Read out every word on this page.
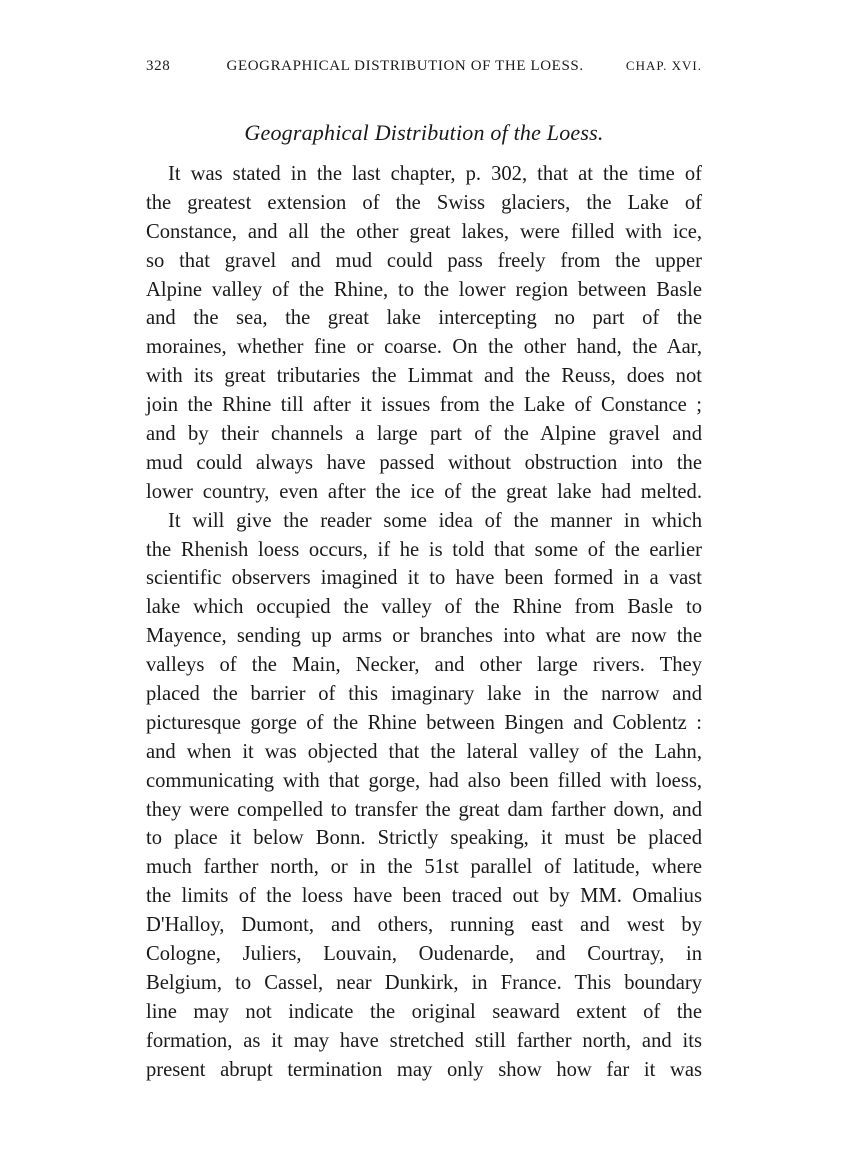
328	GEOGRAPHICAL DISTRIBUTION OF THE LOESS.	CHAP. XVI.
Geographical Distribution of the Loess.
It was stated in the last chapter, p. 302, that at the time of
the greatest extension of the Swiss glaciers, the Lake of
Constance, and all the other great lakes, were filled with ice,
so that gravel and mud could pass freely from the upper
Alpine valley of the Rhine, to the lower region between Basle
and the sea, the great lake intercepting no part of the
moraines, whether fine or coarse. On the other hand, the Aar,
with its great tributaries the Limmat and the Reuss, does not
join the Rhine till after it issues from the Lake of Constance ;
and by their channels a large part of the Alpine gravel and
mud could always have passed without obstruction into the
lower country, even after the ice of the great lake had melted.
It will give the reader some idea of the manner in which
the Rhenish loess occurs, if he is told that some of the earlier
scientific observers imagined it to have been formed in a vast
lake which occupied the valley of the Rhine from Basle to
Mayence, sending up arms or branches into what are now the
valleys of the Main, Necker, and other large rivers. They
placed the barrier of this imaginary lake in the narrow and
picturesque gorge of the Rhine between Bingen and Coblentz :
and when it was objected that the lateral valley of the Lahn,
communicating with that gorge, had also been filled with loess,
they were compelled to transfer the great dam farther down, and
to place it below Bonn. Strictly speaking, it must be placed
much farther north, or in the 51st parallel of latitude, where
the limits of the loess have been traced out by MM. Omalius
D'Halloy, Dumont, and others, running east and west by
Cologne, Juliers, Louvain, Oudenarde, and Courtray, in
Belgium, to Cassel, near Dunkirk, in France. This boundary
line may not indicate the original seaward extent of the
formation, as it may have stretched still farther north, and its
present abrupt termination may only show how far it was
